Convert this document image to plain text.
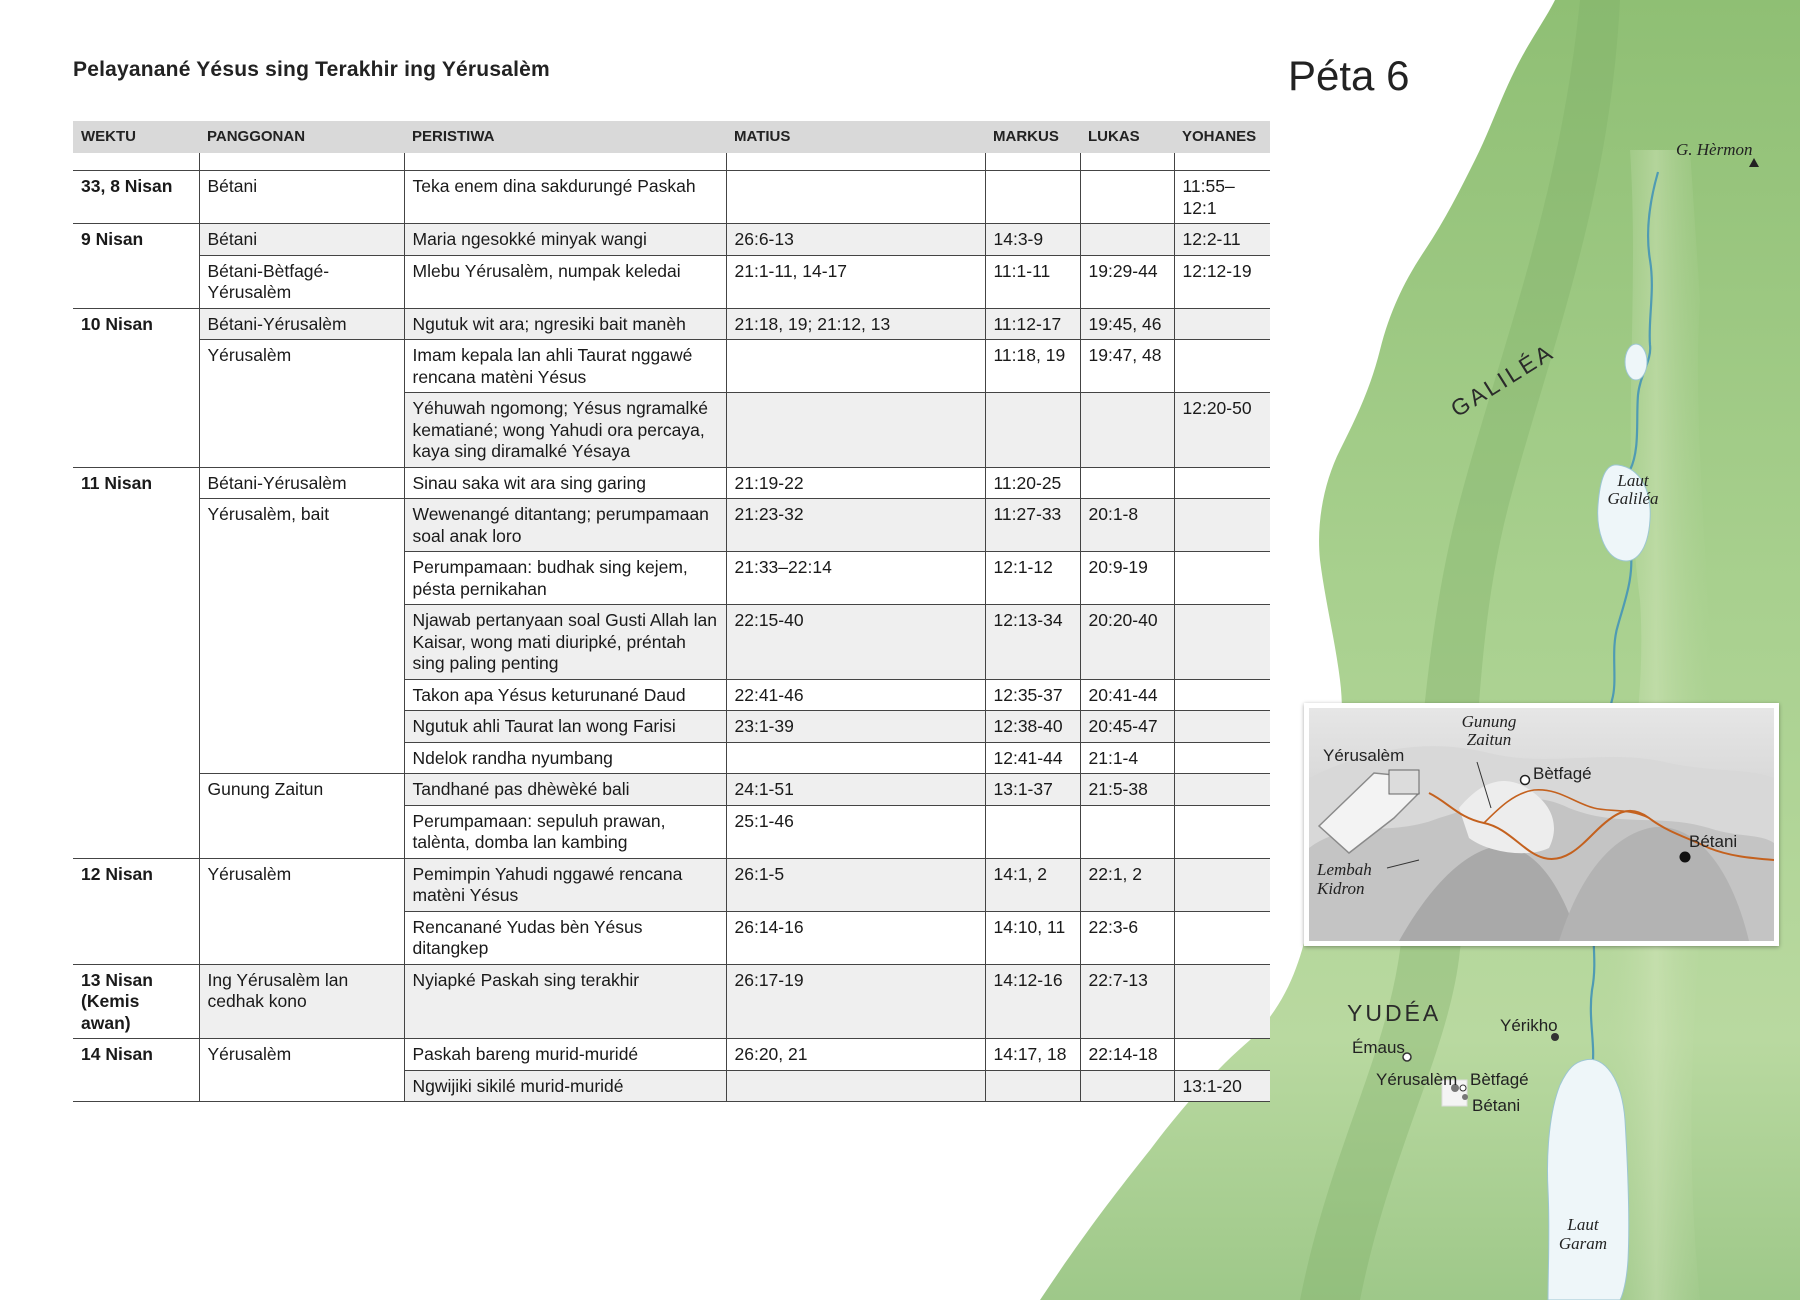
Pelayanané Yésus sing Terakhir ing Yérusalèm	Péta 6
WEKTU	PANGGONAN	PERISTIWA	MATIUS	MARKUS	LUKAS	YOHANES

33, 8 Nisan	Bétani	Teka enem dina sakdurungé Paskah				11:55–12:1
9 Nisan	Bétani	Maria ngesokké minyak wangi	26:6-13	14:3-9		12:2-11
	Bétani-Bètfagé-Yérusalèm	Mlebu Yérusalèm, numpak keledai	21:1-11, 14-17	11:1-11	19:29-44	12:12-19
10 Nisan	Bétani-Yérusalèm	Ngutuk wit ara; ngresiki bait manèh	21:18, 19; 21:12, 13	11:12-17	19:45, 46	
	Yérusalèm	Imam kepala lan ahli Taurat nggawé rencana matèni Yésus		11:18, 19	19:47, 48	
		Yéhuwah ngomong; Yésus ngramalké kematiané; wong Yahudi ora percaya, kaya sing diramalké Yésaya				12:20-50
11 Nisan	Bétani-Yérusalèm	Sinau saka wit ara sing garing	21:19-22	11:20-25		
	Yérusalèm, bait	Wewenangé ditantang; perumpamaan soal anak loro	21:23-32	11:27-33	20:1-8	
		Perumpamaan: budhak sing kejem, pésta pernikahan	21:33–22:14	12:1-12	20:9-19	
		Njawab pertanyaan soal Gusti Allah lan Kaisar, wong mati diuripké, préntah sing paling penting	22:15-40	12:13-34	20:20-40	
		Takon apa Yésus keturunané Daud	22:41-46	12:35-37	20:41-44	
		Ngutuk ahli Taurat lan wong Farisi	23:1-39	12:38-40	20:45-47	
		Ndelok randha nyumbang		12:41-44	21:1-4	
	Gunung Zaitun	Tandhané pas dhèwèké bali	24:1-51	13:1-37	21:5-38	
		Perumpamaan: sepuluh prawan, talènta, domba lan kambing	25:1-46			
12 Nisan	Yérusalèm	Pemimpin Yahudi nggawé rencana matèni Yésus	26:1-5	14:1, 2	22:1, 2	
		Rencanané Yudas bèn Yésus ditangkep	26:14-16	14:10, 11	22:3-6	
13 Nisan (Kemis awan)	Ing Yérusalèm lan cedhak kono	Nyiapké Paskah sing terakhir	26:17-19	14:12-16	22:7-13	
14 Nisan	Yérusalèm	Paskah bareng murid-muridé	26:20, 21	14:17, 18	22:14-18	
		Ngwijiki sikilé murid-muridé				13:1-20
G. Hèrmon
GALILÉA
Laut Galiléa
YUDÉA	Yérikho
Émaus
Yérusalèm Bètfagé
Bétani
Laut Garam
Yérusalèm
Gunung Zaitun
Bètfagé
Bétani
Lembah Kidron
